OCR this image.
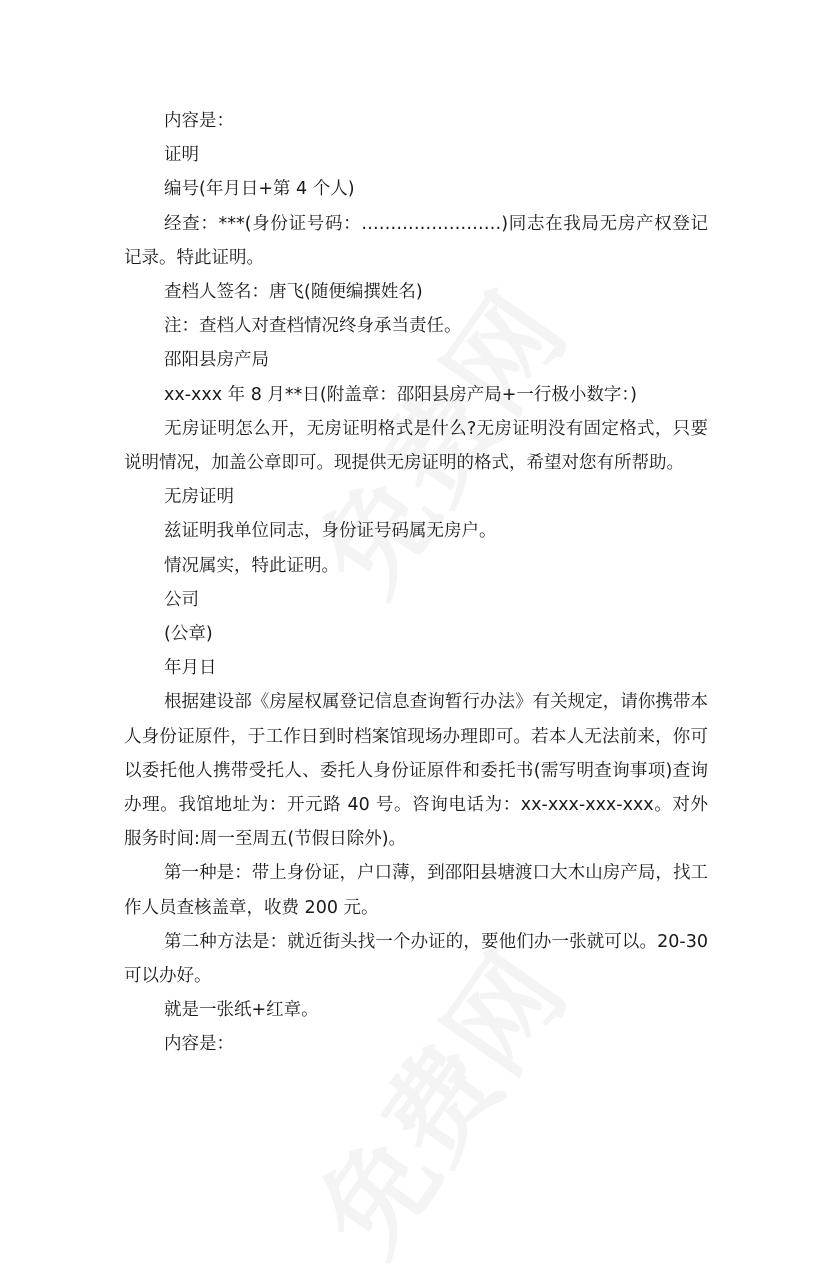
内容是：

证明

编号(年月日+第 4 个人)

经查：***(身份证号码：……………………)同志在我局无房产权登记记录。特此证明。

查档人签名：唐飞(随便编撰姓名)

注：查档人对查档情况终身承当责任。

邵阳县房产局

xx-xxx 年 8 月**日(附盖章：邵阳县房产局+一行极小数字：)

无房证明怎么开，无房证明格式是什么?无房证明没有固定格式，只要说明情况，加盖公章即可。现提供无房证明的格式，希望对您有所帮助。

无房证明

兹证明我单位同志，身份证号码属无房户。

情况属实，特此证明。

公司

(公章)

年月日

根据建设部《房屋权属登记信息查询暂行办法》有关规定，请你携带本人身份证原件，于工作日到时档案馆现场办理即可。若本人无法前来，你可以委托他人携带受托人、委托人身份证原件和委托书(需写明查询事项)查询办理。我馆地址为：开元路 40 号。咨询电话为：xx-xxx-xxx-xxx。对外服务时间:周一至周五(节假日除外)。

第一种是：带上身份证，户口薄，到邵阳县塘渡口大木山房产局，找工作人员查核盖章，收费 200 元。

第二种方法是：就近街头找一个办证的，要他们办一张就可以。20-30 可以办好。

就是一张纸+红章。

内容是：
